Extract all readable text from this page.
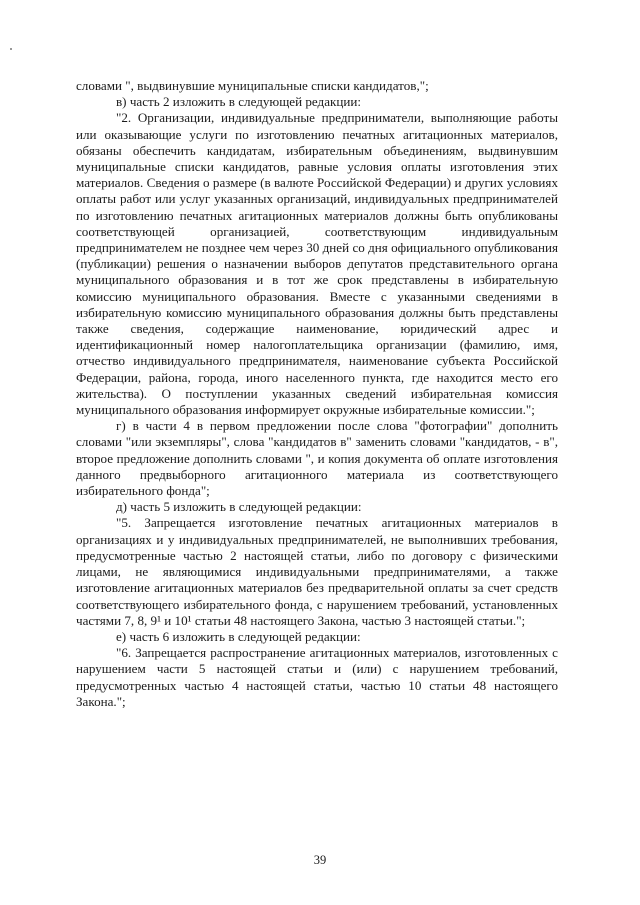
словами ", выдвинувшие муниципальные списки кандидатов,";

в) часть 2 изложить в следующей редакции:

"2. Организации, индивидуальные предприниматели, выполняющие работы или оказывающие услуги по изготовлению печатных агитационных материалов, обязаны обеспечить кандидатам, избирательным объединениям, выдвинувшим муниципальные списки кандидатов, равные условия оплаты изготовления этих материалов. Сведения о размере (в валюте Российской Федерации) и других условиях оплаты работ или услуг указанных организаций, индивидуальных предпринимателей по изготовлению печатных агитационных материалов должны быть опубликованы соответствующей организацией, соответствующим индивидуальным предпринимателем не позднее чем через 30 дней со дня официального опубликования (публикации) решения о назначении выборов депутатов представительного органа муниципального образования и в тот же срок представлены в избирательную комиссию муниципального образования. Вместе с указанными сведениями в избирательную комиссию муниципального образования должны быть представлены также сведения, содержащие наименование, юридический адрес и идентификационный номер налогоплательщика организации (фамилию, имя, отчество индивидуального предпринимателя, наименование субъекта Российской Федерации, района, города, иного населенного пункта, где находится место его жительства). О поступлении указанных сведений избирательная комиссия муниципального образования информирует окружные избирательные комиссии.";

г) в части 4 в первом предложении после слова "фотографии" дополнить словами "или экземпляры", слова "кандидатов в" заменить словами "кандидатов, - в", второе предложение дополнить словами ", и копия документа об оплате изготовления данного предвыборного агитационного материала из соответствующего избирательного фонда";

д) часть 5 изложить в следующей редакции:

"5. Запрещается изготовление печатных агитационных материалов в организациях и у индивидуальных предпринимателей, не выполнивших требования, предусмотренные частью 2 настоящей статьи, либо по договору с физическими лицами, не являющимися индивидуальными предпринимателями, а также изготовление агитационных материалов без предварительной оплаты за счет средств соответствующего избирательного фонда, с нарушением требований, установленных частями 7, 8, 9¹ и 10¹ статьи 48 настоящего Закона, частью 3 настоящей статьи.";

е) часть 6 изложить в следующей редакции:

"6. Запрещается распространение агитационных материалов, изготовленных с нарушением части 5 настоящей статьи и (или) с нарушением требований, предусмотренных частью 4 настоящей статьи, частью 10 статьи 48 настоящего Закона.";

39
